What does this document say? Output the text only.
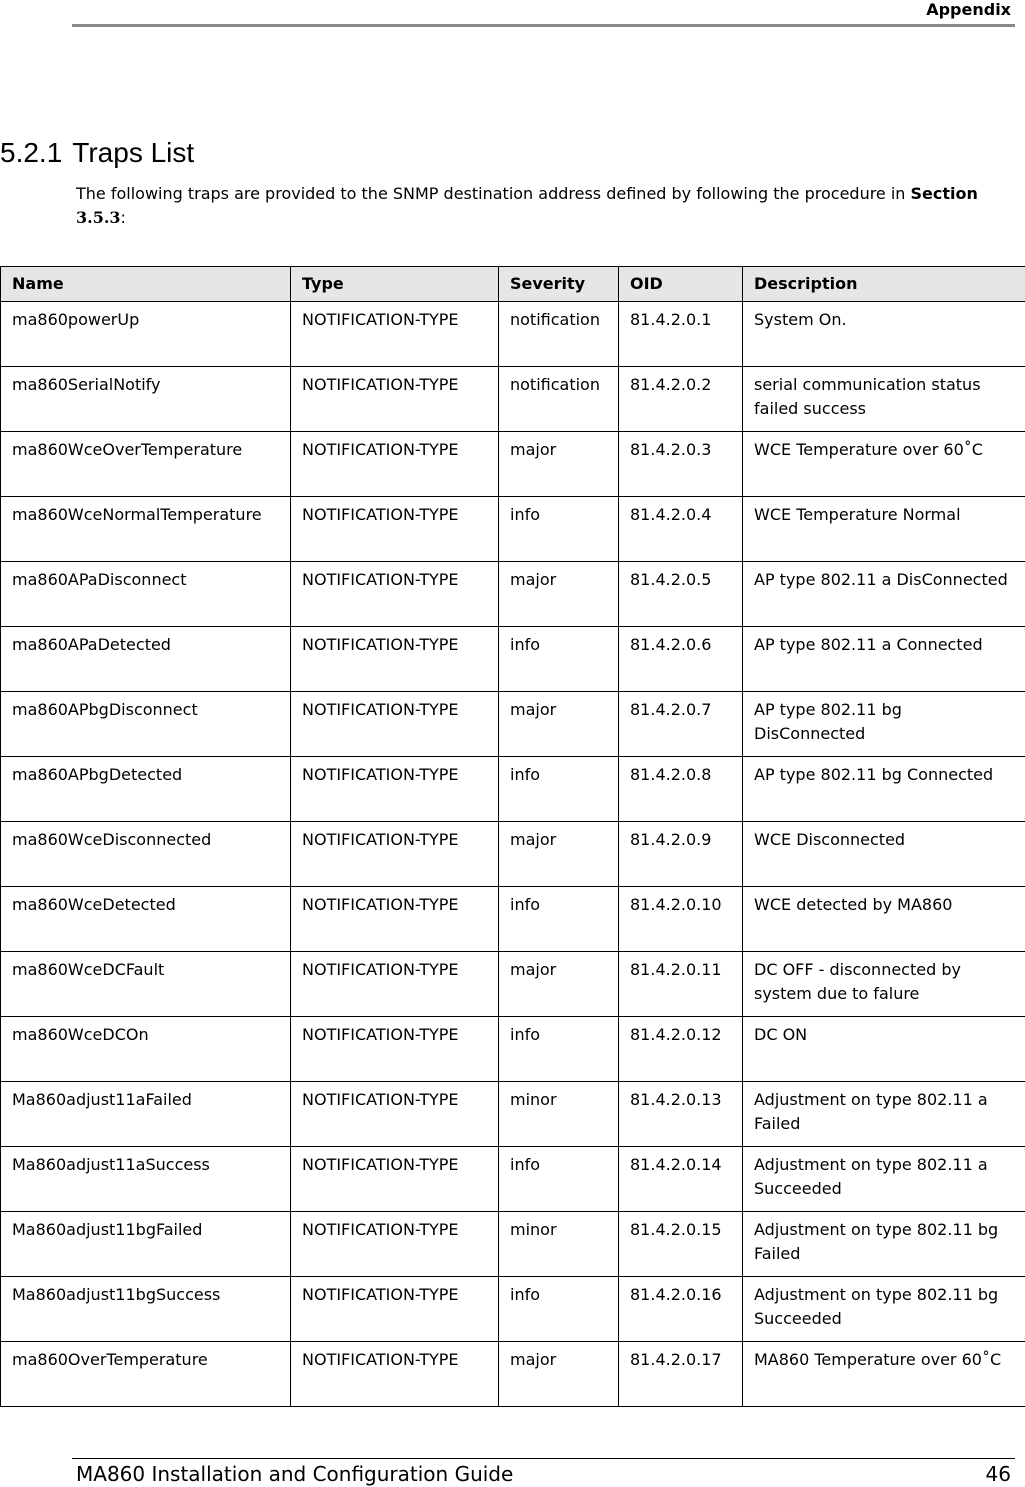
Appendix
5.2.1 Traps List

The following traps are provided to the SNMP destination address defined by following the procedure in Section
3.5.3:

Name	Type	Severity	OID	Description
ma860powerUp	NOTIFICATION-TYPE	notification	81.4.2.0.1	System On.
ma860SerialNotify	NOTIFICATION-TYPE	notification	81.4.2.0.2	serial communication status failed success
ma860WceOverTemperature	NOTIFICATION-TYPE	major	81.4.2.0.3	WCE Temperature over 60˚C
ma860WceNormalTemperature	NOTIFICATION-TYPE	info	81.4.2.0.4	WCE Temperature Normal
ma860APaDisconnect	NOTIFICATION-TYPE	major	81.4.2.0.5	AP type 802.11 a DisConnected
ma860APaDetected	NOTIFICATION-TYPE	info	81.4.2.0.6	AP type 802.11 a Connected
ma860APbgDisconnect	NOTIFICATION-TYPE	major	81.4.2.0.7	AP type 802.11 bg DisConnected
ma860APbgDetected	NOTIFICATION-TYPE	info	81.4.2.0.8	AP type 802.11 bg Connected
ma860WceDisconnected	NOTIFICATION-TYPE	major	81.4.2.0.9	WCE Disconnected
ma860WceDetected	NOTIFICATION-TYPE	info	81.4.2.0.10	WCE detected by MA860
ma860WceDCFault	NOTIFICATION-TYPE	major	81.4.2.0.11	DC OFF - disconnected by system due to falure
ma860WceDCOn	NOTIFICATION-TYPE	info	81.4.2.0.12	DC ON
Ma860adjust11aFailed	NOTIFICATION-TYPE	minor	81.4.2.0.13	Adjustment on type 802.11 a Failed
Ma860adjust11aSuccess	NOTIFICATION-TYPE	info	81.4.2.0.14	Adjustment on type 802.11 a Succeeded
Ma860adjust11bgFailed	NOTIFICATION-TYPE	minor	81.4.2.0.15	Adjustment on type 802.11 bg Failed
Ma860adjust11bgSuccess	NOTIFICATION-TYPE	info	81.4.2.0.16	Adjustment on type 802.11 bg Succeeded
ma860OverTemperature	NOTIFICATION-TYPE	major	81.4.2.0.17	MA860 Temperature over 60˚C
MA860 Installation and Configuration Guide	46
